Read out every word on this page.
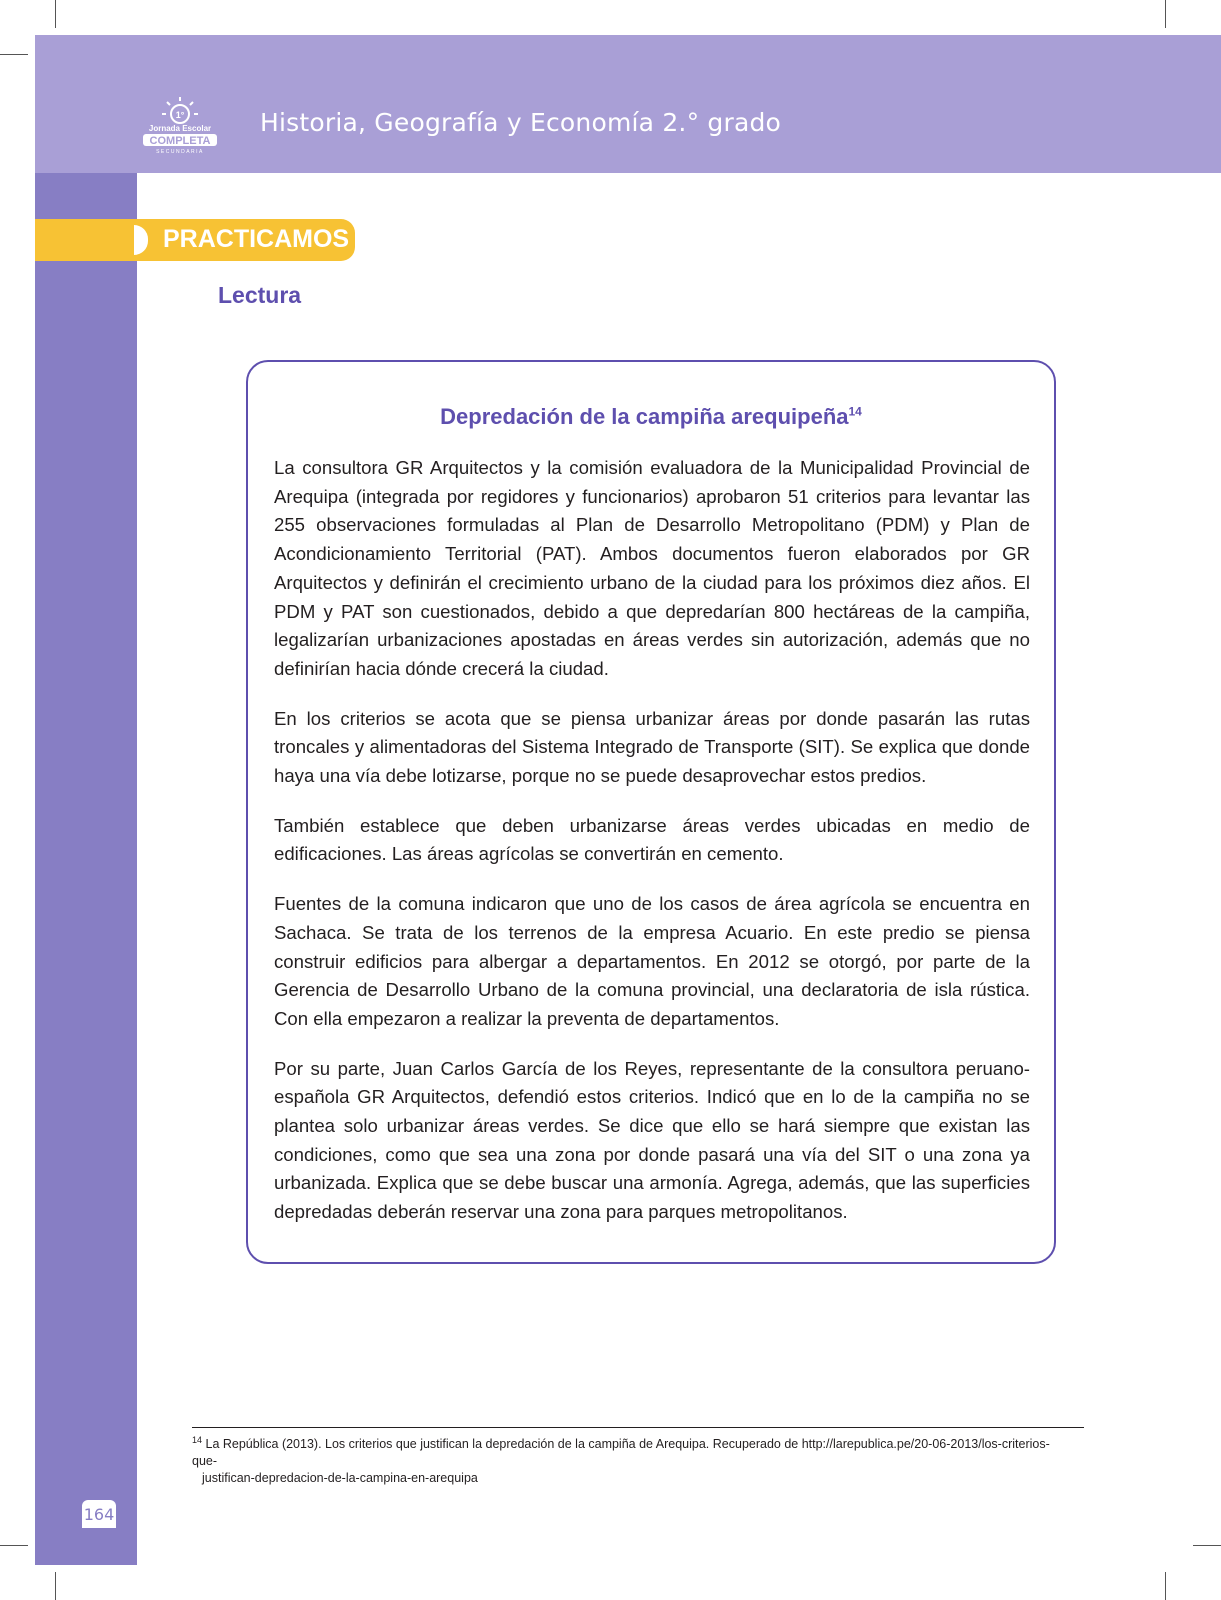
1°
Jornada Escolar
COMPLETA
SECUNDARIA
Historia, Geografía y Economía 2.° grado
PRACTICAMOS
Lectura
Depredación de la campiña arequipeña$^{14}$

La consultora GR Arquitectos y la comisión evaluadora de la Municipalidad Provincial de Arequipa (integrada por regidores y funcionarios) aprobaron 51 criterios para levantar las 255 observaciones formuladas al Plan de Desarrollo Metropolitano (PDM) y Plan de Acondicionamiento Territorial (PAT). Ambos documentos fueron elaborados por GR Arquitectos y definirán el crecimiento urbano de la ciudad para los próximos diez años. El PDM y PAT son cuestionados, debido a que depredarían 800 hectáreas de la campiña, legalizarían urbanizaciones apostadas en áreas verdes sin autorización, además que no definirían hacia dónde crecerá la ciudad.

En los criterios se acota que se piensa urbanizar áreas por donde pasarán las rutas troncales y alimentadoras del Sistema Integrado de Transporte (SIT). Se explica que donde haya una vía debe lotizarse, porque no se puede desaprovechar estos predios.

También establece que deben urbanizarse áreas verdes ubicadas en medio de edificaciones. Las áreas agrícolas se convertirán en cemento.

Fuentes de la comuna indicaron que uno de los casos de área agrícola se encuentra en Sachaca. Se trata de los terrenos de la empresa Acuario. En este predio se piensa construir edificios para albergar a departamentos. En 2012 se otorgó, por parte de la Gerencia de Desarrollo Urbano de la comuna provincial, una declaratoria de isla rústica. Con ella empezaron a realizar la preventa de departamentos.

Por su parte, Juan Carlos García de los Reyes, representante de la consultora peruano-española GR Arquitectos, defendió estos criterios. Indicó que en lo de la campiña no se plantea solo urbanizar áreas verdes. Se dice que ello se hará siempre que existan las condiciones, como que sea una zona por donde pasará una vía del SIT o una zona ya urbanizada. Explica que se debe buscar una armonía. Agrega, además, que las superficies depredadas deberán reservar una zona para parques metropolitanos.

$^{14}$ La República (2013). Los criterios que justifican la depredación de la campiña de Arequipa. Recuperado de http://larepublica.pe/20-06-2013/los-criterios-que-
justifican-depredacion-de-la-campina-en-arequipa
164
